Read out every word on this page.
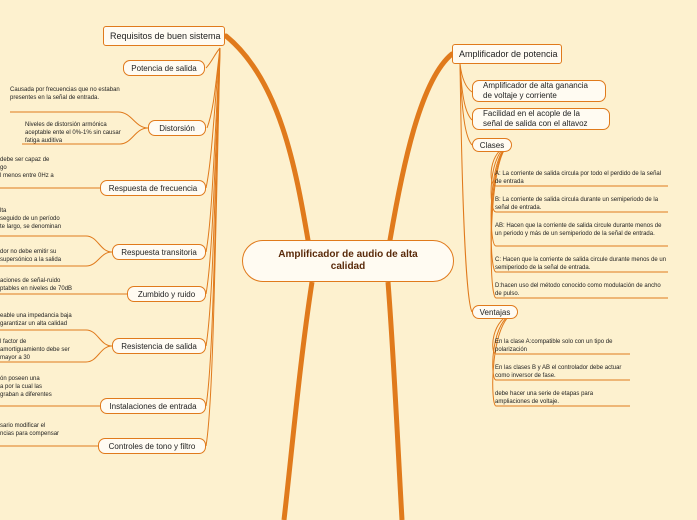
Amplificador de audio de alta calidad
Requisitos de buen sistema
Potencia de salida
Causada por frecuencias que no estaban presentes en la señal de entrada.
Niveles de distorsión armónica aceptable ente el 0%-1% sin causar fatiga auditiva
Distorsión
debe ser capaz de
go
l menos entre 0Hz a
Respuesta de frecuencia
lta
seguido de un período
te largo, se denominan
dor no debe emitir su
supersónico a la salida
Respuesta transitoria
aciones de señal-ruido
ptables en niveles de 70dB
Zumbido y ruido
eable una impedancia baja
garantizar un alta calidad
l factor de
amortiguamiento debe ser
mayor a 30
Resistencia de salida
ón poseen una
a por la cual las
graban a diferentes
Instalaciones de entrada
sario modificar el
ncias para compensar
Controles de tono y filtro
Amplificador de potencia
Amplificador de alta ganancia de voltaje y corriente
Facilidad en el acople de la señal de salida con el altavoz
Clases
A: La corriente de salida circula por todo el perdido de la señal de entrada
B: La corriente de salida circula durante un semiperiodo de la señal de entrada.
AB: Hacen que la corriente de salida circule durante menos de un periodo y más de un semiperiodo de la señal de entrada.
C: Hacen que la corriente de salida circule durante menos de un semiperiodo de la señal de entrada.
D:hacen uso del método conocido como modulación de ancho de pulso.
Ventajas
En la clase A:compatible solo con un tipo de polarización
En las clases B y AB el controlador debe actuar como inversor de fase.
debe hacer una serie de etapas para ampliaciones de voltaje.
